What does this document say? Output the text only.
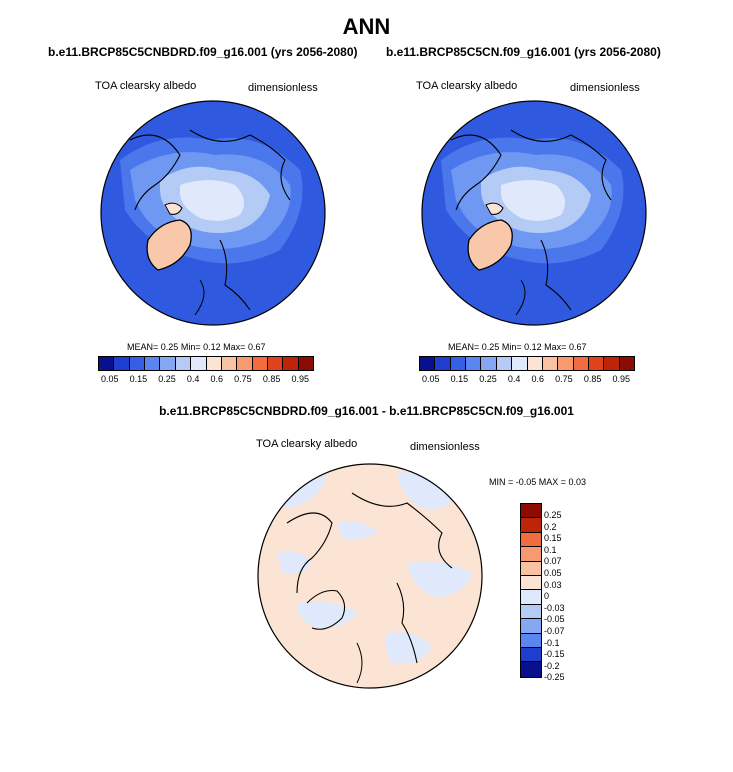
ANN
b.e11.BRCP85C5CNBDRD.f09_g16.001 (yrs 2056-2080)
TOA clearsky albedo	dimensionless
MEAN= 0.25 Min= 0.12 Max= 0.67
0.05 0.15 0.25 0.4 0.6 0.75 0.85 0.95
b.e11.BRCP85C5CN.f09_g16.001 (yrs 2056-2080)
TOA clearsky albedo	dimensionless
MEAN= 0.25 Min= 0.12 Max= 0.67
0.05 0.15 0.25 0.4 0.6 0.75 0.85 0.95
b.e11.BRCP85C5CNBDRD.f09_g16.001 - b.e11.BRCP85C5CN.f09_g16.001
TOA clearsky albedo	dimensionless
MIN = -0.05 MAX = 0.03
0.25
0.2
0.15
0.1
0.07
0.05
0.03
0
-0.03
-0.05
-0.07
-0.1
-0.15
-0.2
-0.25
